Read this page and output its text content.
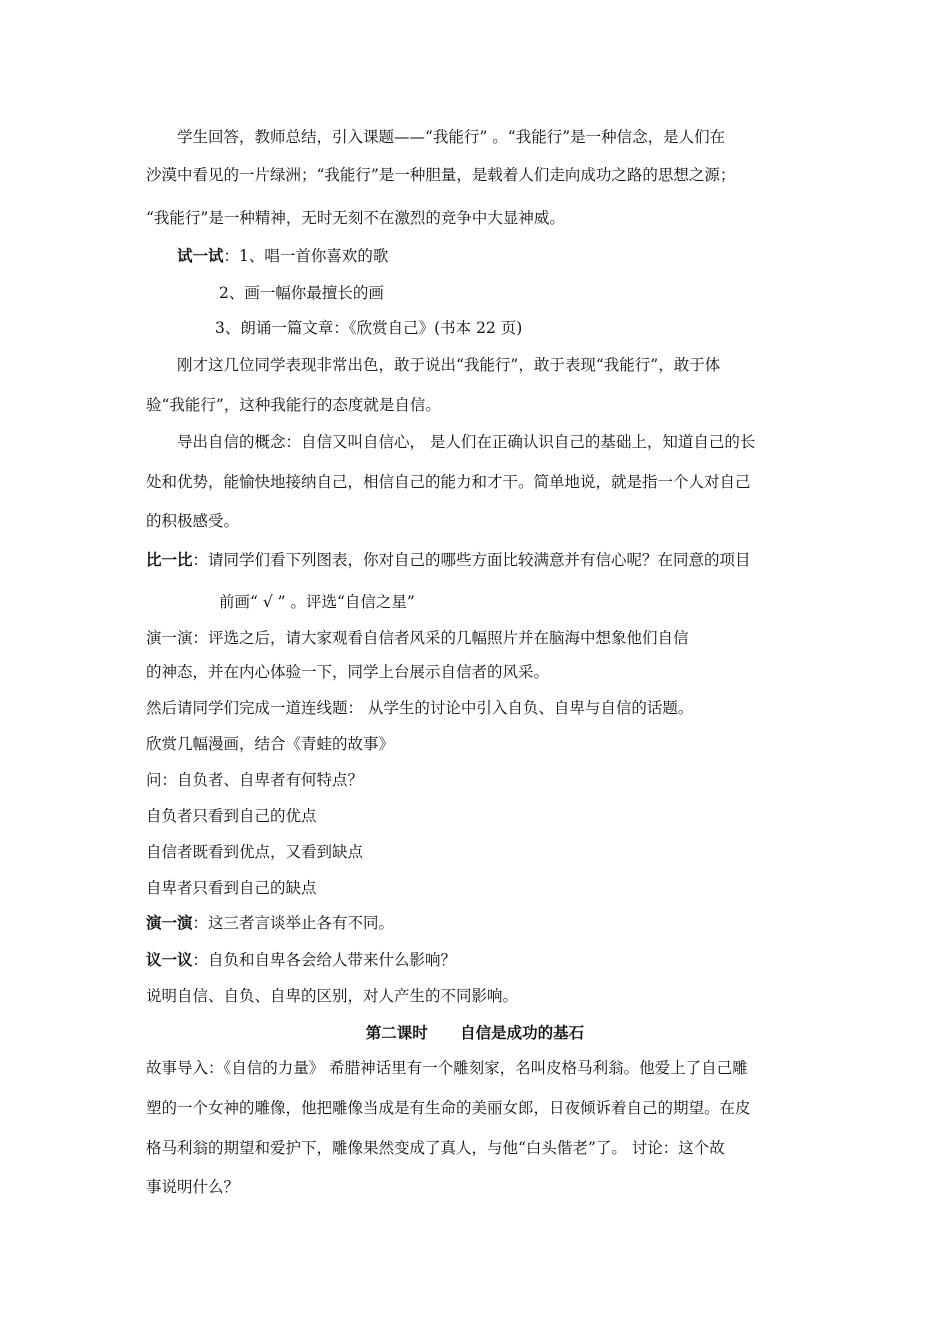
学生回答，教师总结，引入课题——“我能行” 。“我能行”是一种信念，是人们在

沙漠中看见的一片绿洲；“我能行”是一种胆量，是载着人们走向成功之路的思想之源；

“我能行”是一种精神，无时无刻不在激烈的竞争中大显神威。

试一试：1、唱一首你喜欢的歌

2、画一幅你最擅长的画

3、朗诵一篇文章：《欣赏自己》(书本 22 页)

刚才这几位同学表现非常出色，敢于说出“我能行”，敢于表现“我能行”，敢于体

验“我能行”，这种我能行的态度就是自信。

导出自信的概念：自信又叫自信心， 是人们在正确认识自己的基础上，知道自己的长

处和优势，能愉快地接纳自己，相信自己的能力和才干。简单地说，就是指一个人对自己

的积极感受。

比一比：请同学们看下列图表，你对自己的哪些方面比较满意并有信心呢？在同意的项目

前画“ √ ” 。评选“自信之星”

演一演：评选之后，请大家观看自信者风采的几幅照片并在脑海中想象他们自信

的神态，并在内心体验一下，同学上台展示自信者的风采。

然后请同学们完成一道连线题： 从学生的讨论中引入自负、自卑与自信的话题。

欣赏几幅漫画，结合《青蛙的故事》

问：自负者、自卑者有何特点？

自负者只看到自己的优点

自信者既看到优点，又看到缺点

自卑者只看到自己的缺点

演一演：这三者言谈举止各有不同。

议一议：自负和自卑各会给人带来什么影响？

说明自信、自负、自卑的区别，对人产生的不同影响。

第二课时      自信是成功的基石

故事导入：《自信的力量》 希腊神话里有一个雕刻家，名叫皮格马利翁。他爱上了自己雕

塑的一个女神的雕像，他把雕像当成是有生命的美丽女郎，日夜倾诉着自己的期望。在皮

格马利翁的期望和爱护下，雕像果然变成了真人，与他“白头偕老”了。 讨论：这个故

事说明什么？
